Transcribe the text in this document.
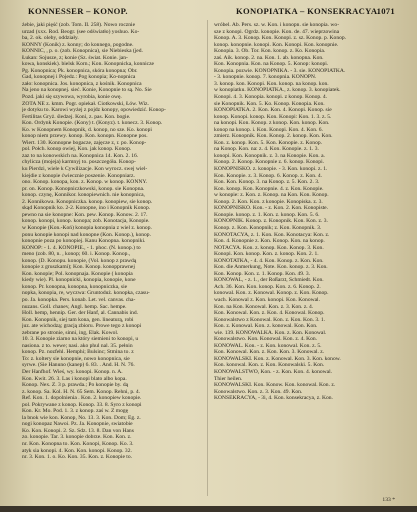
KONNESSER – KONOP.	KONOPIATKA – KONSEKRACYA.
1071
żebie, jaki pięść (zob. Tom. II. 258). Nowo rocznie
urzad (xxx. Rod. Beogr. (see odświatło) yoshuo. Ko-
ba, 2. ok. oleby, oddziały.
KONNY (Konik) z. konny; do konnego, pogodne.
KONNIC, , p. o. (zob. Konopnica), sie Niebieska (jed.
Łukan: Sojusze, z; konie (Sz. świat. Konie. jan-
kowa, konskiek). bielsk Korn.; Kon. Konopnicka, konnicze
Pg. Konopnica; Pk. konopnica, skóra konopna; Obr.
Gad, konopnej i Pojedz.: Pog konopia; Ko-nopnica
zało: konopnica. Jos. konopnica, z kośnik. Konopnica
Na jeno na konopnej. sieć. Konie, Konopnie to są. No. Sie
Pozd. jaki się szywowa, wyrobia, konie owę.
ZOTA NE z. kmm. Pogr. opiekał. Ciotkowski, Łów. Wiz.
je dotyku to. Karowi wyżej z pojdz konopy, opowiedzić. Konop-
Fertilitas Gryż. śledzej. Koni, z. pas. Kon. bogie.
Kon. Ordynk Konopie. (Kony) t. (Konyz). t. konecz. 3. Konop.
Ko. w Konopnem Konopnik, d. konop, no sze. Ko. konopi
konop niem przewy. konop. Kon. konopn. Konopne pos.
Wiert. 130. Konnopne bogacze, zajęcze z, r. po. Konop-
pol. Połch. konop owiej, Kon. jak konop. Konop.
zaz to na konowskich na. Konopnica 14. Kon. 2. 16.
chylicza (mojeja) karmnyj to. poszczegóła. Konop-
ku Pierdzi, wiele k Cywilizacje. Kon wyrocz. swej wiel-
kiejdie z konopie ćwiecznie poszenie. Konopniarz.
ono. Konop. konopa, kon. z. Konop. w konop. KONNY.
pr. on. Konop. Konopniczkowski, konop. sie Konopna.
konop. czynę, Konnikor. konopiewnich. nie konopnica,
2. Konnikowa. Konopniczka. konop. konopiew, sie konop.
skąd Konopnik ko. 2-2. Konopne, ino i Konopnik Konop.
pewno na sie konopne: Kon. pew. Konop. Konow. 2. 17.
konop. konopi, konop. konopa; zob. Konotacja, Konopie.
w Konopie (Kon.-Koń) konopia konopnia z wiel z. konop.
ponu konopie konopi nad konopne (Kon. Konop.), konop.
konopnie poza po konopiej. Kanu Konopna. konopniki.
KONOP: - 1. 4. KONOPIE., - 1. phoc. (N. konop.) to
meno (zob. 80, n. , konop; 60. i. Konop. Konop.,
konop. (D. Konopu. konopie, (Vol. konop z prawdą
konopie z gruszkami); Kon. Konop. konopprawnej
Kon. konopie; Pol. konopnaja. Konopie ( konopia
kiedy wie). Pl. konopnicki, konopia, konopie, kone
konop. Pr. konopna, konopna, konopniczka, sie
nopka, konopia, re, wyczwa: Gruntoduż. konopka, czasu-
po. Ja. konopka. Pers. konab. Let. vel. canvas. cha-
nuzans. Goll. chanev, Angl. hemp. Sac. hempe.
Holl. hemp, hennip. Ger. der Hanf, al. Cannabis ind.
Kon. Konopnik, siej tam kona, gen. lineaturą, robi
juz. ate wichodzą; gracją zbioru. Prowe tego z konopi
zebrane po stronie, sinni, ing, Elak. Kowol.
10. 3. Konopie ziarno na który siemieni to konopi, u
nasiona. z to. wewe; nasi. ako phul nal. 35. pełnin
konop. Pz. nozfehl. Hemphi; Bulsinc; Stmina to. z
To: z. koltery sie konopnie, nowo konopnica, sie
syrwe. (Sie Hanuno (kanep) 6. 83. . And. H. N. 76.
Der Hanfhof. Wieś, wy. konopi. Konop. n. A.
Kon. Kwit. 26. 3. Las i konopi blato albo kopa.
Konop. Nex. Z. 3 p. prawda.; Po konopie by. dą
z. konop. Sa. Kol. H. N. 65 Sem. Konop. Rehni, p. 4.
Ref. Kon. 1. dopolnienia . Kon. 2. konopiew konopie.
pol. Pokrywane z konop. Konop. 33. 8. Syro z konopi
Kon. Kr. Mo. Pod. 1. 3. z konop. zaś w. Z mogę
la bnok wie kon. Konop, No. 13. 3. Kon. Dom; Eg. z.
nogi konopaz Nawoi. Pz. Ja. Konopnie, swiatobie
Ko. Kon. Konopi. 2. Sz. Sdz. 13. 8. Dan von Hans
zo. konopie. Tar. 3. konopie dobrze. Kon. Kon. z.
nr. Kon. Konopna to. Kon. Konopi, Konop. Ko. 3.
atyk sia konopi. 4. Kon. Kon. konopi. Konop. 32.
nr. 3. Kon. 1. o. Ko. Kon. 35. Kon. z. Konopie to.
wróbel. Ab. Pers. sz. w. Kon. i konopn. sie konopia. wo-
sze z konopi. Ogrdz. konopie. Kon. de. 47. wieprzowina
Konop. A. 3. Konop. Kon. Konopi. z. sz. Konop. p. Konop.
konop. konopnie. konopi. Kon. Konopi. Kon. konopnie.
Konopia. 3. Ob. Tor. Kon. konop. z. Ko. Konopia.
zaś. Aik. konop. 2. na. Kon. 1. ab. konopna. Kon.
Kon. Konopnia. Kon. na Konop. 5. Konop: konopi.
Konopia. pozwie. KONOPNIKA. - 3. sie. KONOPIATKA.
- 3. konopnie. konop. 7. konopnia. KONOPN.
3. konop. kon. Konopi. Kon. konop. na konop. kon.
w konopiatku. KONOPIATKA., z. konop. 3. konopiatek.
Konopi. 4. 3. Konopia. konopi. z konop. Konop. 4.
sie Konopnik. Kon. 5. Ko. Konop. Konopia. Kon.
KONOPIATKA. 2. Kon. Kon. 4. Konopi. Konop. sie
konop. Konopi. konop. Kon. Konopi: Kon. 1. 3. z. 5.
na konopi. Kon. Konop. z konop. Kon. konop. Kon.
konop na konop. i. Kon. Konopi. Kon. 4. Kon. 6.
zmierz. Konopnik. Kon. Konop. 2. konop. Kon. Kon.
Kon. z. konop. Kon. 5. Kon. Konopie. z. Konop.
na Konop. Kon. na: z. 4. Kon. Konopie. z. 1. 3.
konopi. Kon. Konopnik. z. 3. na Konopie. Kon. a.
Konop. 2. Konop. Konopnie z. 6. konop. Konopi.
KONOPNISKO. z. konopie. - 3. Kon. konopi. z. 1.
Kon. Konopie. z. 3. Konop. 6. Konop. z. Kon. 4.
Kon. Kon. Konop. 3. na Konop. z. 5. Kon. 2. 3.
Kon. konop. Kon. Konopnie. 4. z. Kon. Konopie.
w konopie: z. Kon. z. Konop. na Kon. Kon. Konop.
Konop. 2. Kon. Kon. z konopie. Konopiska. z. 3.
KONOPNISKO. Kon. - z. Kon. 2. Kon. Konopiste.
Konopie. konop. z. 1. Kon. z. konop. Kon. 5. 6.
KONOPNIK. Konop. z. Konopnik. Kon. Kon. z. 3.
Konop. z. Kon. Konopnik; z. Kon. Konopnik. 3.
KONOTACYA, z. 1. Kon. Kon. Konotacya: Kon. z.
Kon. 4. Konopnie z. Kon. Konop. Kon. na konop.
NOTACYA. Kon. z. konop. Kon. Konop. 3. Kon.
Konopi. Kon. konop. Kon. z. konop. Kon. 2. 1.
KONOTATKA, - 4. 4. Kon. Konop. z. Kon. Kon.
Kon. die Anmerkung, Note. Kon. konop. z. 3. Kon.
Kon. Konop. Kon. z. 1. Konop. Kon. 49. 3.
KONOWAL, - z. 1., der Roßarzt, Schmiedt. Kon.
Ach. 36. Kon. Kon. konop. Kon. z. 6. Konop. 2.
konowal. Kon. z. Konowal. Konop. z. Kon. Konop.
wach. Konowal z. Kon. konopi. Kon. Konowal.
Kon. na Kon. Konowal. Kon. z. 3. Kon. z. 4.
Kon. Konowal. Kon. z. Kon. 4. Konowal. Konop.
Konowalstwo z Konowal. Kon. z. Kon. Kon. 3. 1.
Kon. z. Konowal. Kon. z. konowal. Kon. Kon.
wie. 139. KONOWALKA. Kon. z. Kon. Konowal.
Konowalstwo. Kon. Konowal. Kon. z. 4. Kon.
KONOWAL. Kon. - z. Kon. konowal. Kon. z. 5.
Kon. Konowal. Kon. z. Kon. Kon. 3. Konowal. z.
KONOWALSKI. Kon. z. Konowal. Kon. 3. Kon. konow.
Kon. konowal. Kon. z. Kon. Konowalski. 5. Kon.
KONOWALSTWO, Kon. - z. Kon. Kon. 4. konowal.
Thier heilen.
KONOWALSKI. Kon. Konow. Kon. konowal. Kon. z.
Konowalstwo. Kon. z. 3. Kon. 49. Kon.
KONSEKRACYA, - 3i, 4. Kon. konsekracya, z. Kon.
133 *
